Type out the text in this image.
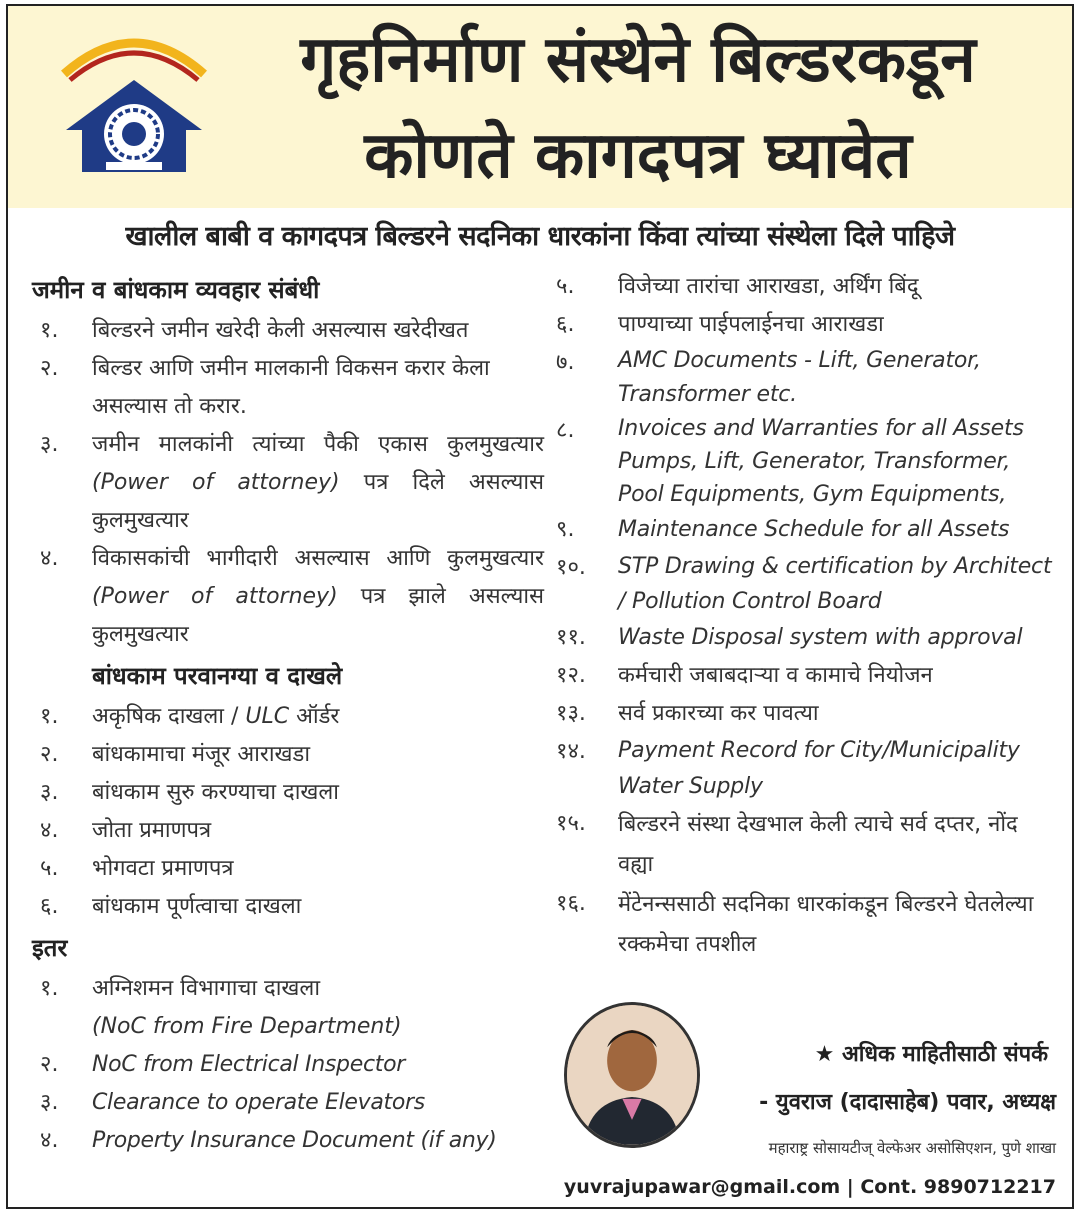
गृहनिर्माण संस्थेने बिल्डरकडून
कोणते कागदपत्र घ्यावेत
खालील बाबी व कागदपत्र बिल्डरने सदनिका धारकांना किंवा त्यांच्या संस्थेला दिले पाहिजे
जमीन व बांधकाम व्यवहार संबंधी
१.	बिल्डरने जमीन खरेदी केली असल्यास खरेदीखत
२.	बिल्डर आणि जमीन मालकानी विकसन करार केला असल्यास तो करार.
३.	जमीन मालकांनी त्यांच्या पैकी एकास कुलमुखत्यार (Power of attorney) पत्र दिले असल्यास कुलमुखत्यार
४.	विकासकांची भागीदारी असल्यास आणि कुलमुखत्यार (Power of attorney) पत्र झाले असल्यास कुलमुखत्यार
बांधकाम परवानग्या व दाखले
१.	अकृषिक दाखला / ULC ऑर्डर
२.	बांधकामाचा मंजूर आराखडा
३.	बांधकाम सुरु करण्याचा दाखला
४.	जोता प्रमाणपत्र
५.	भोगवटा प्रमाणपत्र
६.	बांधकाम पूर्णत्वाचा दाखला
इतर
१.	अग्निशमन विभागाचा दाखला
(NoC from Fire Department)
२.	NoC from Electrical Inspector
३.	Clearance to operate Elevators
४.	Property Insurance Document (if any)
५.	विजेच्या तारांचा आराखडा, अर्थिंग बिंदू
६.	पाण्याच्या पाईपलाईनचा आराखडा
७.	AMC Documents - Lift, Generator, Transformer etc.
८.	Invoices and Warranties for all Assets Pumps, Lift, Generator, Transformer, Pool Equipments, Gym Equipments,
९.	Maintenance Schedule for all Assets
१०.	STP Drawing & certification by Architect / Pollution Control Board
११.	Waste Disposal system with approval
१२.	कर्मचारी जबाबदाऱ्या व कामाचे नियोजन
१३.	सर्व प्रकारच्या कर पावत्या
१४.	Payment Record for City/Municipality Water Supply
१५.	बिल्डरने संस्था देखभाल केली त्याचे सर्व दप्तर, नोंद वह्या
१६.	मेंटेनन्ससाठी सदनिका धारकांकडून बिल्डरने घेतलेल्या रक्कमेचा तपशील
★ अधिक माहितीसाठी संपर्क
- युवराज (दादासाहेब) पवार, अध्यक्ष
महाराष्ट्र सोसायटीज् वेल्फेअर असोसिएशन, पुणे शाखा
yuvrajupawar@gmail.com | Cont. 9890712217
